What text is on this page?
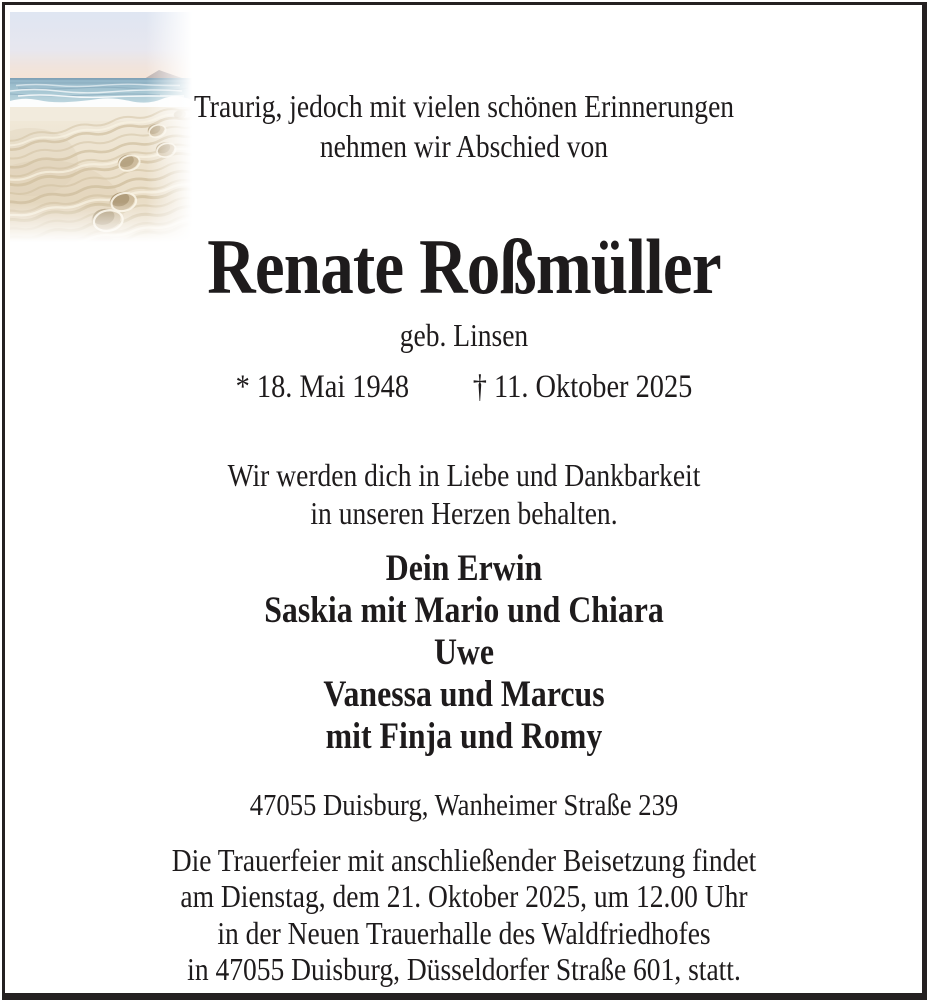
Traurig, jedoch mit vielen schönen Erinnerungen
nehmen wir Abschied von
Renate Roßmüller
geb. Linsen
* 18. Mai 1948 † 11. Oktober 2025
Wir werden dich in Liebe und Dankbarkeit
in unseren Herzen behalten.
Dein Erwin
Saskia mit Mario und Chiara
Uwe
Vanessa und Marcus
mit Finja und Romy
47055 Duisburg, Wanheimer Straße 239
Die Trauerfeier mit anschließender Beisetzung findet
am Dienstag, dem 21. Oktober 2025, um 12.00 Uhr
in der Neuen Trauerhalle des Waldfriedhofes
in 47055 Duisburg, Düsseldorfer Straße 601, statt.
